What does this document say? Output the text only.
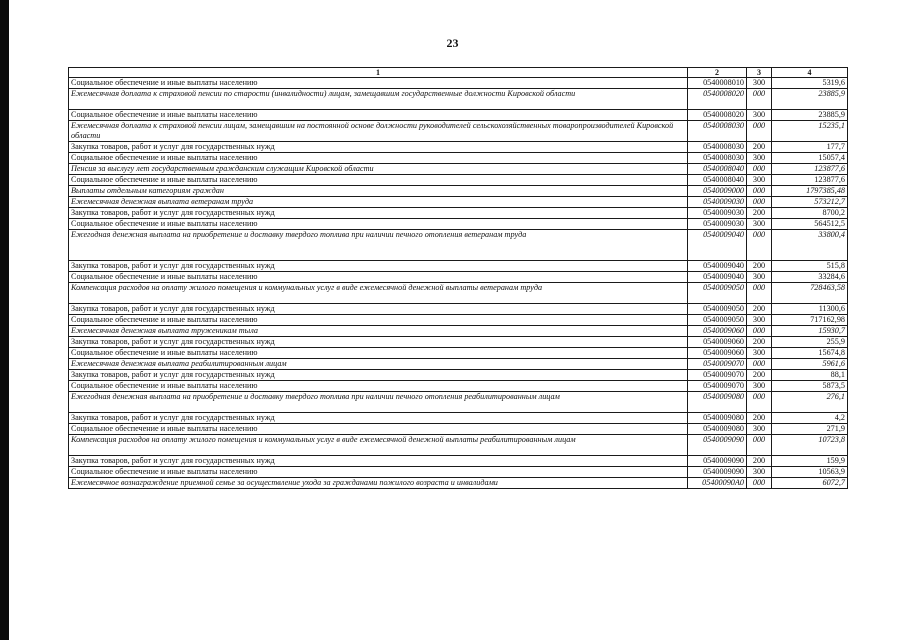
23
1	2	3	4
Социальное обеспечение и иные выплаты населению	0540008010	300	5319,6
Ежемесячная доплата к страховой пенсии по старости (инвалидности) лицам, замещавшим государственные должности Кировской области	0540008020	000	23885,9
Социальное обеспечение и иные выплаты населению	0540008020	300	23885,9
Ежемесячная доплата к страховой пенсии лицам, замещавшим на постоянной основе должности руководителей сельскохозяйственных товаропроизводителей Кировской области	0540008030	000	15235,1
Закупка товаров, работ и услуг для государственных нужд	0540008030	200	177,7
Социальное обеспечение и иные выплаты населению	0540008030	300	15057,4
Пенсия за выслугу лет государственным гражданским служащим Кировской области	0540008040	000	123877,6
Социальное обеспечение и иные выплаты населению	0540008040	300	123877,6
Выплаты отдельным категориям граждан	0540009000	000	1797385,48
Ежемесячная денежная выплата ветеранам труда	0540009030	000	573212,7
Закупка товаров, работ и услуг для государственных нужд	0540009030	200	8700,2
Социальное обеспечение и иные выплаты населению	0540009030	300	564512,5
Ежегодная денежная выплата на приобретение и доставку твердого топлива при наличии печного отопления ветеранам труда	0540009040	000	33800,4
Закупка товаров, работ и услуг для государственных нужд	0540009040	200	515,8
Социальное обеспечение и иные выплаты населению	0540009040	300	33284,6
Компенсация расходов на оплату жилого помещения и коммунальных услуг в виде ежемесячной денежной выплаты ветеранам труда	0540009050	000	728463,58
Закупка товаров, работ и услуг для государственных нужд	0540009050	200	11300,6
Социальное обеспечение и иные выплаты населению	0540009050	300	717162,98
Ежемесячная денежная выплата труженикам тыла	0540009060	000	15930,7
Закупка товаров, работ и услуг для государственных нужд	0540009060	200	255,9
Социальное обеспечение и иные выплаты населению	0540009060	300	15674,8
Ежемесячная денежная выплата реабилитированным лицам	0540009070	000	5961,6
Закупка товаров, работ и услуг для государственных нужд	0540009070	200	88,1
Социальное обеспечение и иные выплаты населению	0540009070	300	5873,5
Ежегодная денежная выплата на приобретение и доставку твердого топлива при наличии печного отопления реабилитированным лицам	0540009080	000	276,1
Закупка товаров, работ и услуг для государственных нужд	0540009080	200	4,2
Социальное обеспечение и иные выплаты населению	0540009080	300	271,9
Компенсация расходов на оплату жилого помещения и коммунальных услуг в виде ежемесячной денежной выплаты реабилитированным лицам	0540009090	000	10723,8
Закупка товаров, работ и услуг для государственных нужд	0540009090	200	159,9
Социальное обеспечение и иные выплаты населению	0540009090	300	10563,9
Ежемесячное вознаграждение приемной семье за осуществление ухода за гражданами пожилого возраста и инвалидами	05400090А0	000	6072,7
